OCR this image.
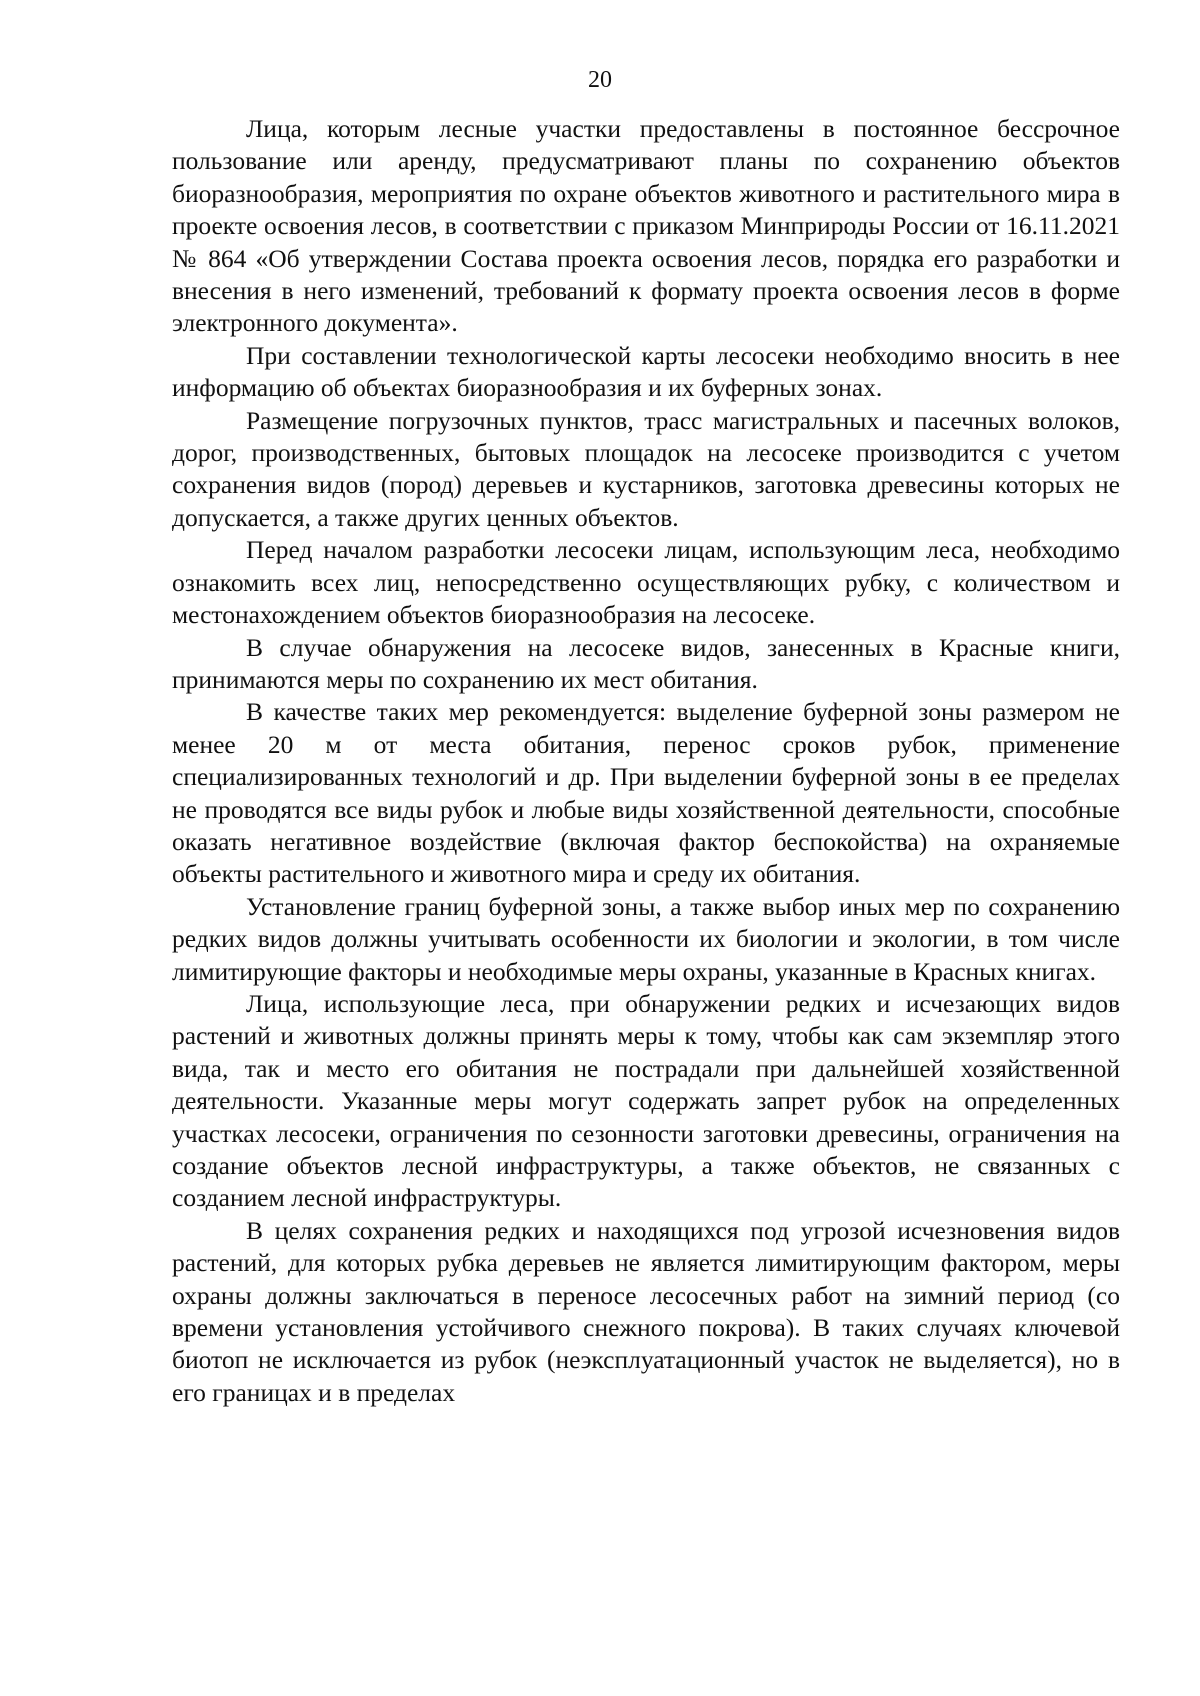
20

Лица, которым лесные участки предоставлены в постоянное бессрочное пользование или аренду, предусматривают планы по сохранению объектов биоразнообразия, мероприятия по охране объектов животного и растительного мира в проекте освоения лесов, в соответствии с приказом Минприроды России от 16.11.2021 № 864 «Об утверждении Состава проекта освоения лесов, порядка его разработки и внесения в него изменений, требований к формату проекта освоения лесов в форме электронного документа».

При составлении технологической карты лесосеки необходимо вносить в нее информацию об объектах биоразнообразия и их буферных зонах.

Размещение погрузочных пунктов, трасс магистральных и пасечных волоков, дорог, производственных, бытовых площадок на лесосеке производится с учетом сохранения видов (пород) деревьев и кустарников, заготовка древесины которых не допускается, а также других ценных объектов.

Перед началом разработки лесосеки лицам, использующим леса, необходимо ознакомить всех лиц, непосредственно осуществляющих рубку, с количеством и местонахождением объектов биоразнообразия на лесосеке.

В случае обнаружения на лесосеке видов, занесенных в Красные книги, принимаются меры по сохранению их мест обитания.

В качестве таких мер рекомендуется: выделение буферной зоны размером не менее 20 м от места обитания, перенос сроков рубок, применение специализированных технологий и др. При выделении буферной зоны в ее пределах не проводятся все виды рубок и любые виды хозяйственной деятельности, способные оказать негативное воздействие (включая фактор беспокойства) на охраняемые объекты растительного и животного мира и среду их обитания.

Установление границ буферной зоны, а также выбор иных мер по сохранению редких видов должны учитывать особенности их биологии и экологии, в том числе лимитирующие факторы и необходимые меры охраны, указанные в Красных книгах.

Лица, использующие леса, при обнаружении редких и исчезающих видов растений и животных должны принять меры к тому, чтобы как сам экземпляр этого вида, так и место его обитания не пострадали при дальнейшей хозяйственной деятельности. Указанные меры могут содержать запрет рубок на определенных участках лесосеки, ограничения по сезонности заготовки древесины, ограничения на создание объектов лесной инфраструктуры, а также объектов, не связанных с созданием лесной инфраструктуры.

В целях сохранения редких и находящихся под угрозой исчезновения видов растений, для которых рубка деревьев не является лимитирующим фактором, меры охраны должны заключаться в переносе лесосечных работ на зимний период (со времени установления устойчивого снежного покрова). В таких случаях ключевой биотоп не исключается из рубок (неэксплуатационный участок не выделяется), но в его границах и в пределах
